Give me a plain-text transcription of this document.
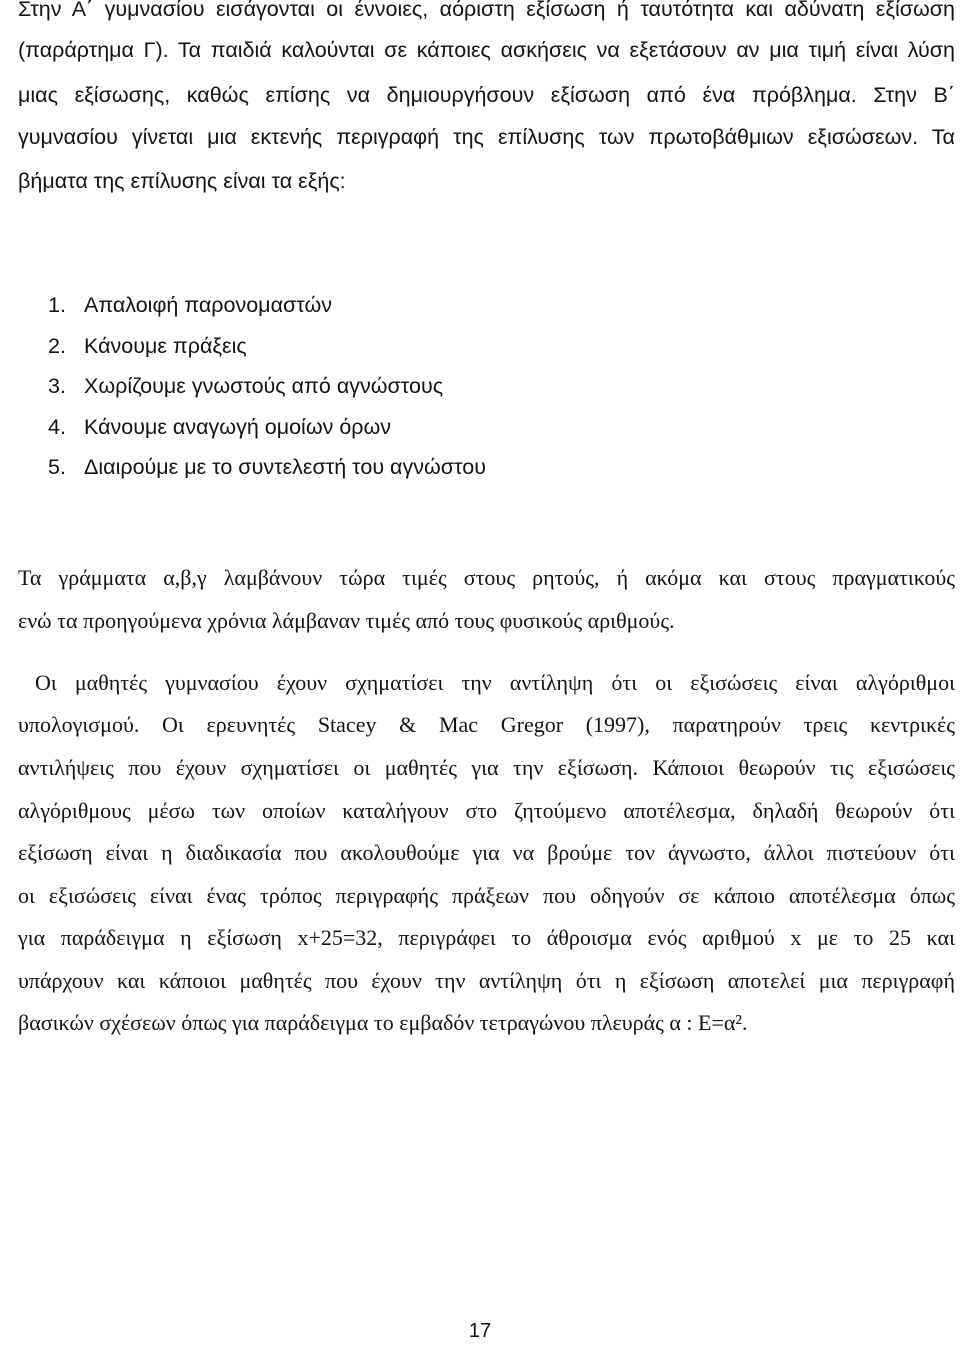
Στην Α΄ γυμνασίου εισάγονται οι έννοιες, αόριστη εξίσωση ή ταυτότητα και αδύνατη εξίσωση
(παράρτημα Γ). Τα παιδιά καλούνται σε κάποιες ασκήσεις να εξετάσουν αν μια τιμή είναι λύση
μιας εξίσωσης, καθώς επίσης να δημιουργήσουν εξίσωση από ένα πρόβλημα. Στην Β΄
γυμνασίου γίνεται μια εκτενής περιγραφή της επίλυσης των πρωτοβάθμιων εξισώσεων. Τα
βήματα της επίλυσης είναι τα εξής:
1. Απαλοιφή παρονομαστών
2. Κάνουμε πράξεις
3. Χωρίζουμε γνωστούς από αγνώστους
4. Κάνουμε αναγωγή ομοίων όρων
5. Διαιρούμε με το συντελεστή του αγνώστου
Τα γράμματα α,β,γ λαμβάνουν τώρα τιμές στους ρητούς, ή ακόμα και στους πραγματικούς
ενώ τα προηγούμενα χρόνια λάμβαναν τιμές από τους φυσικούς αριθμούς.
Οι μαθητές γυμνασίου έχουν σχηματίσει την αντίληψη ότι οι εξισώσεις είναι αλγόριθμοι
υπολογισμού. Οι ερευνητές Stacey & Mac Gregor (1997), παρατηρούν τρεις κεντρικές
αντιλήψεις που έχουν σχηματίσει οι μαθητές για την εξίσωση. Κάποιοι θεωρούν τις εξισώσεις
αλγόριθμους μέσω των οποίων καταλήγουν στο ζητούμενο αποτέλεσμα, δηλαδή θεωρούν ότι
εξίσωση είναι η διαδικασία που ακολουθούμε για να βρούμε τον άγνωστο, άλλοι πιστεύουν ότι
οι εξισώσεις είναι ένας τρόπος περιγραφής πράξεων που οδηγούν σε κάποιο αποτέλεσμα όπως
για παράδειγμα η εξίσωση x+25=32, περιγράφει το άθροισμα ενός αριθμού x με το 25 και
υπάρχουν και κάποιοι μαθητές που έχουν την αντίληψη ότι η εξίσωση αποτελεί μια περιγραφή
βασικών σχέσεων όπως για παράδειγμα το εμβαδόν τετραγώνου πλευράς α : Ε=α².
17
